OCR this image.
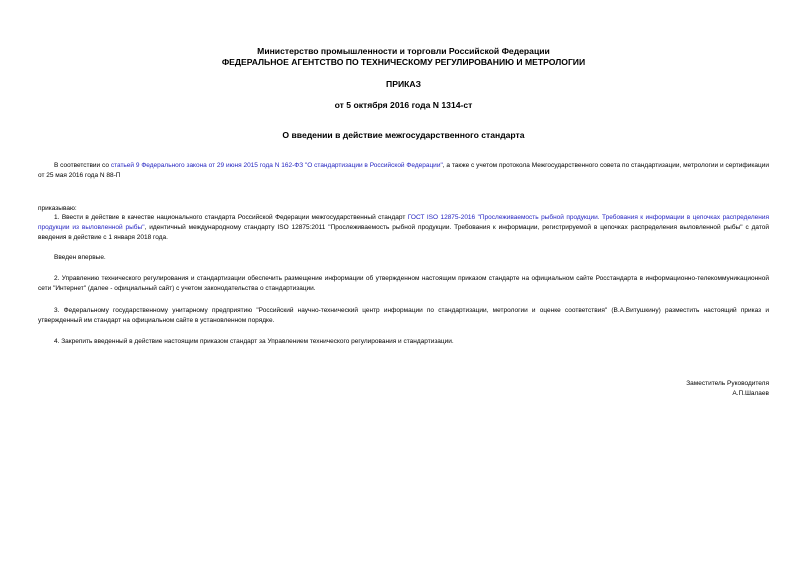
Министерство промышленности и торговли Российской Федерации
ФЕДЕРАЛЬНОЕ АГЕНТСТВО ПО ТЕХНИЧЕСКОМУ РЕГУЛИРОВАНИЮ И МЕТРОЛОГИИ
ПРИКАЗ
от 5 октября 2016 года N 1314-ст
О введении в действие межгосударственного стандарта

В соответствии со статьей 9 Федерального закона от 29 июня 2015 года N 162-ФЗ "О стандартизации в Российской Федерации", а также с учетом протокола Межгосударственного совета по стандартизации, метрологии и сертификации от 25 мая 2016 года N 88-П

приказываю:

1. Ввести в действие в качестве национального стандарта Российской Федерации межгосударственный стандарт ГОСТ ISO 12875-2016 "Прослеживаемость рыбной продукции. Требования к информации в цепочках распределения продукции из выловленной рыбы", идентичный международному стандарту ISO 12875:2011 "Прослеживаемость рыбной продукции. Требования к информации, регистрируемой в цепочках распределения выловленной рыбы" с датой введения в действие с 1 января 2018 года.

Введен впервые.

2. Управлению технического регулирования и стандартизации обеспечить размещение информации об утвержденном настоящим приказом стандарте на официальном сайте Росстандарта в информационно-телекоммуникационной сети "Интернет" (далее - официальный сайт) с учетом законодательства о стандартизации.

3. Федеральному государственному унитарному предприятию "Российский научно-технический центр информации по стандартизации, метрологии и оценке соответствия" (В.А.Витушкину) разместить настоящий приказ и утвержденный им стандарт на официальном сайте в установленном порядке.

4. Закрепить введенный в действие настоящим приказом стандарт за Управлением технического регулирования и стандартизации.
Заместитель Руководителя
А.П.Шалаев
